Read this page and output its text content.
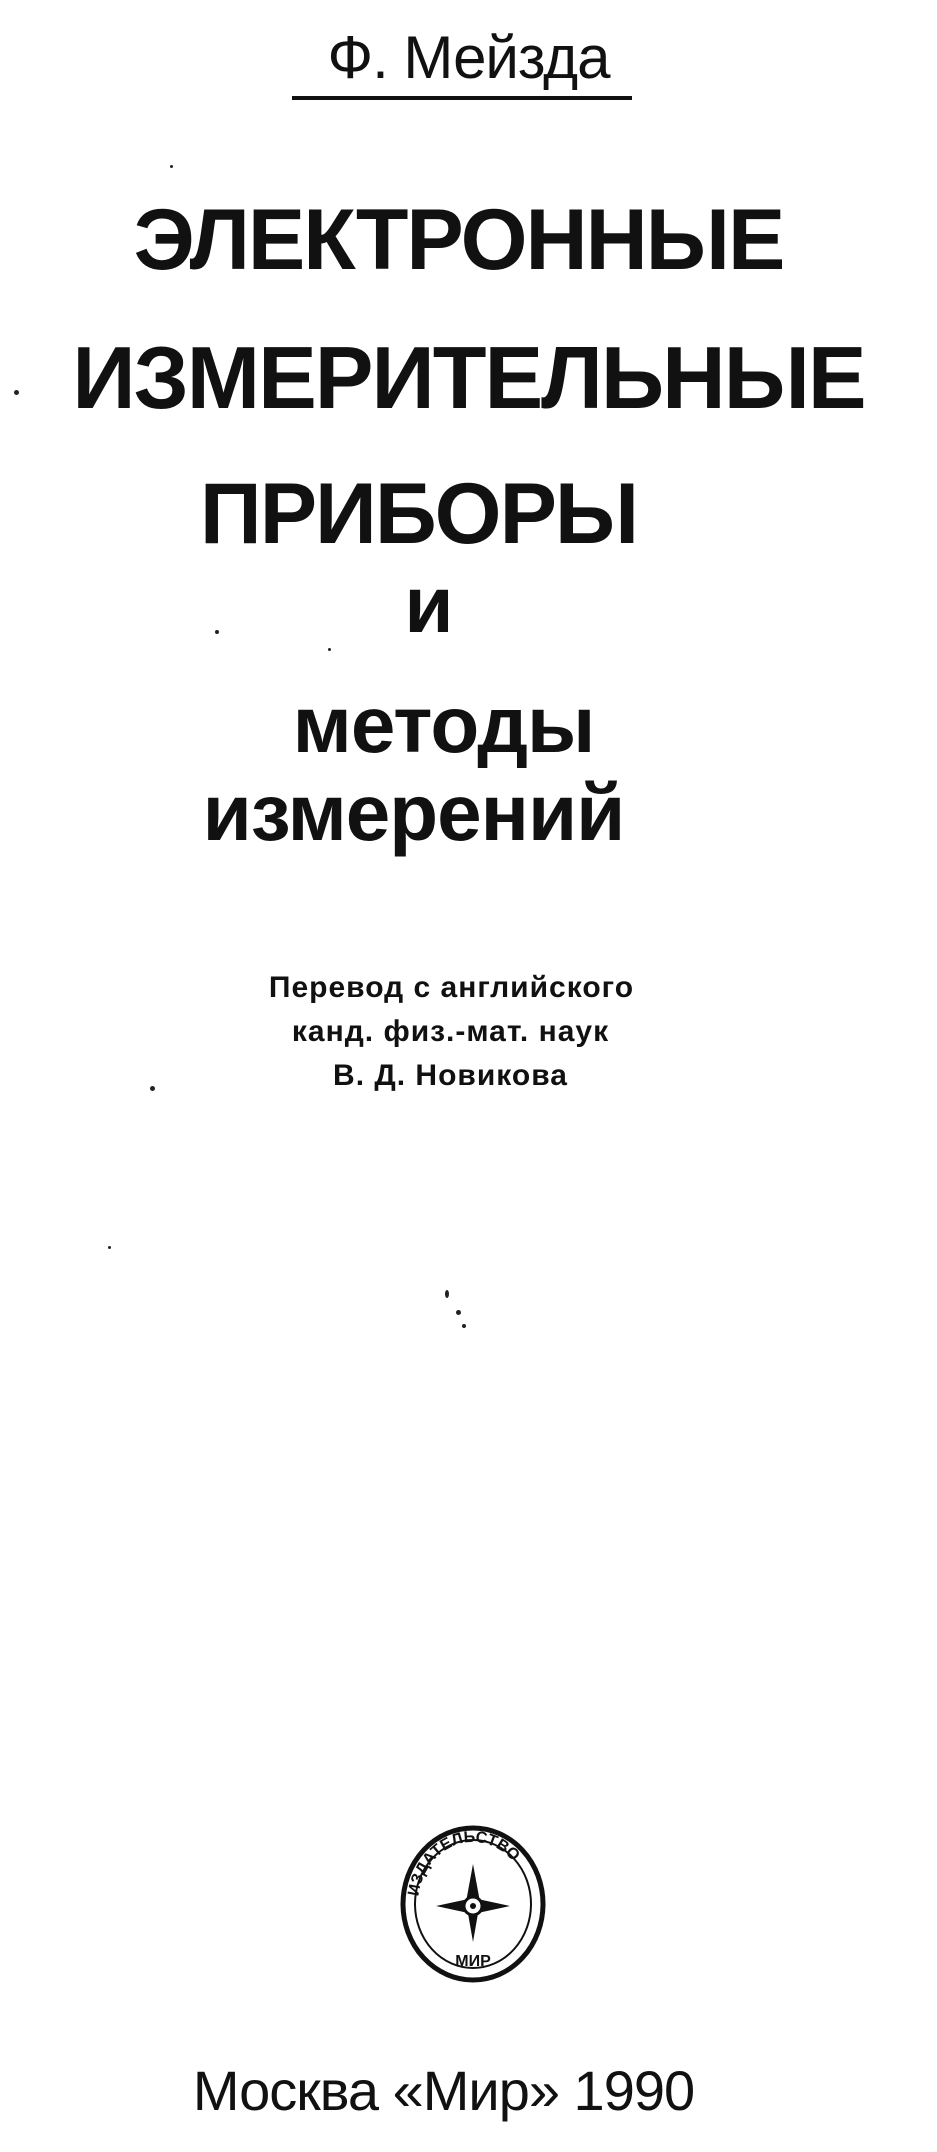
Ф. Мейзда
ЭЛЕКТРОННЫЕ
ИЗМЕРИТЕЛЬНЫЕ
ПРИБОРЫ
и
методы
измерений
Перевод с английского
канд. физ.-мат. наук
В. Д. Новикова
ИЗДАТЕЛЬСТВО
МИР
Москва «Мир» 1990
